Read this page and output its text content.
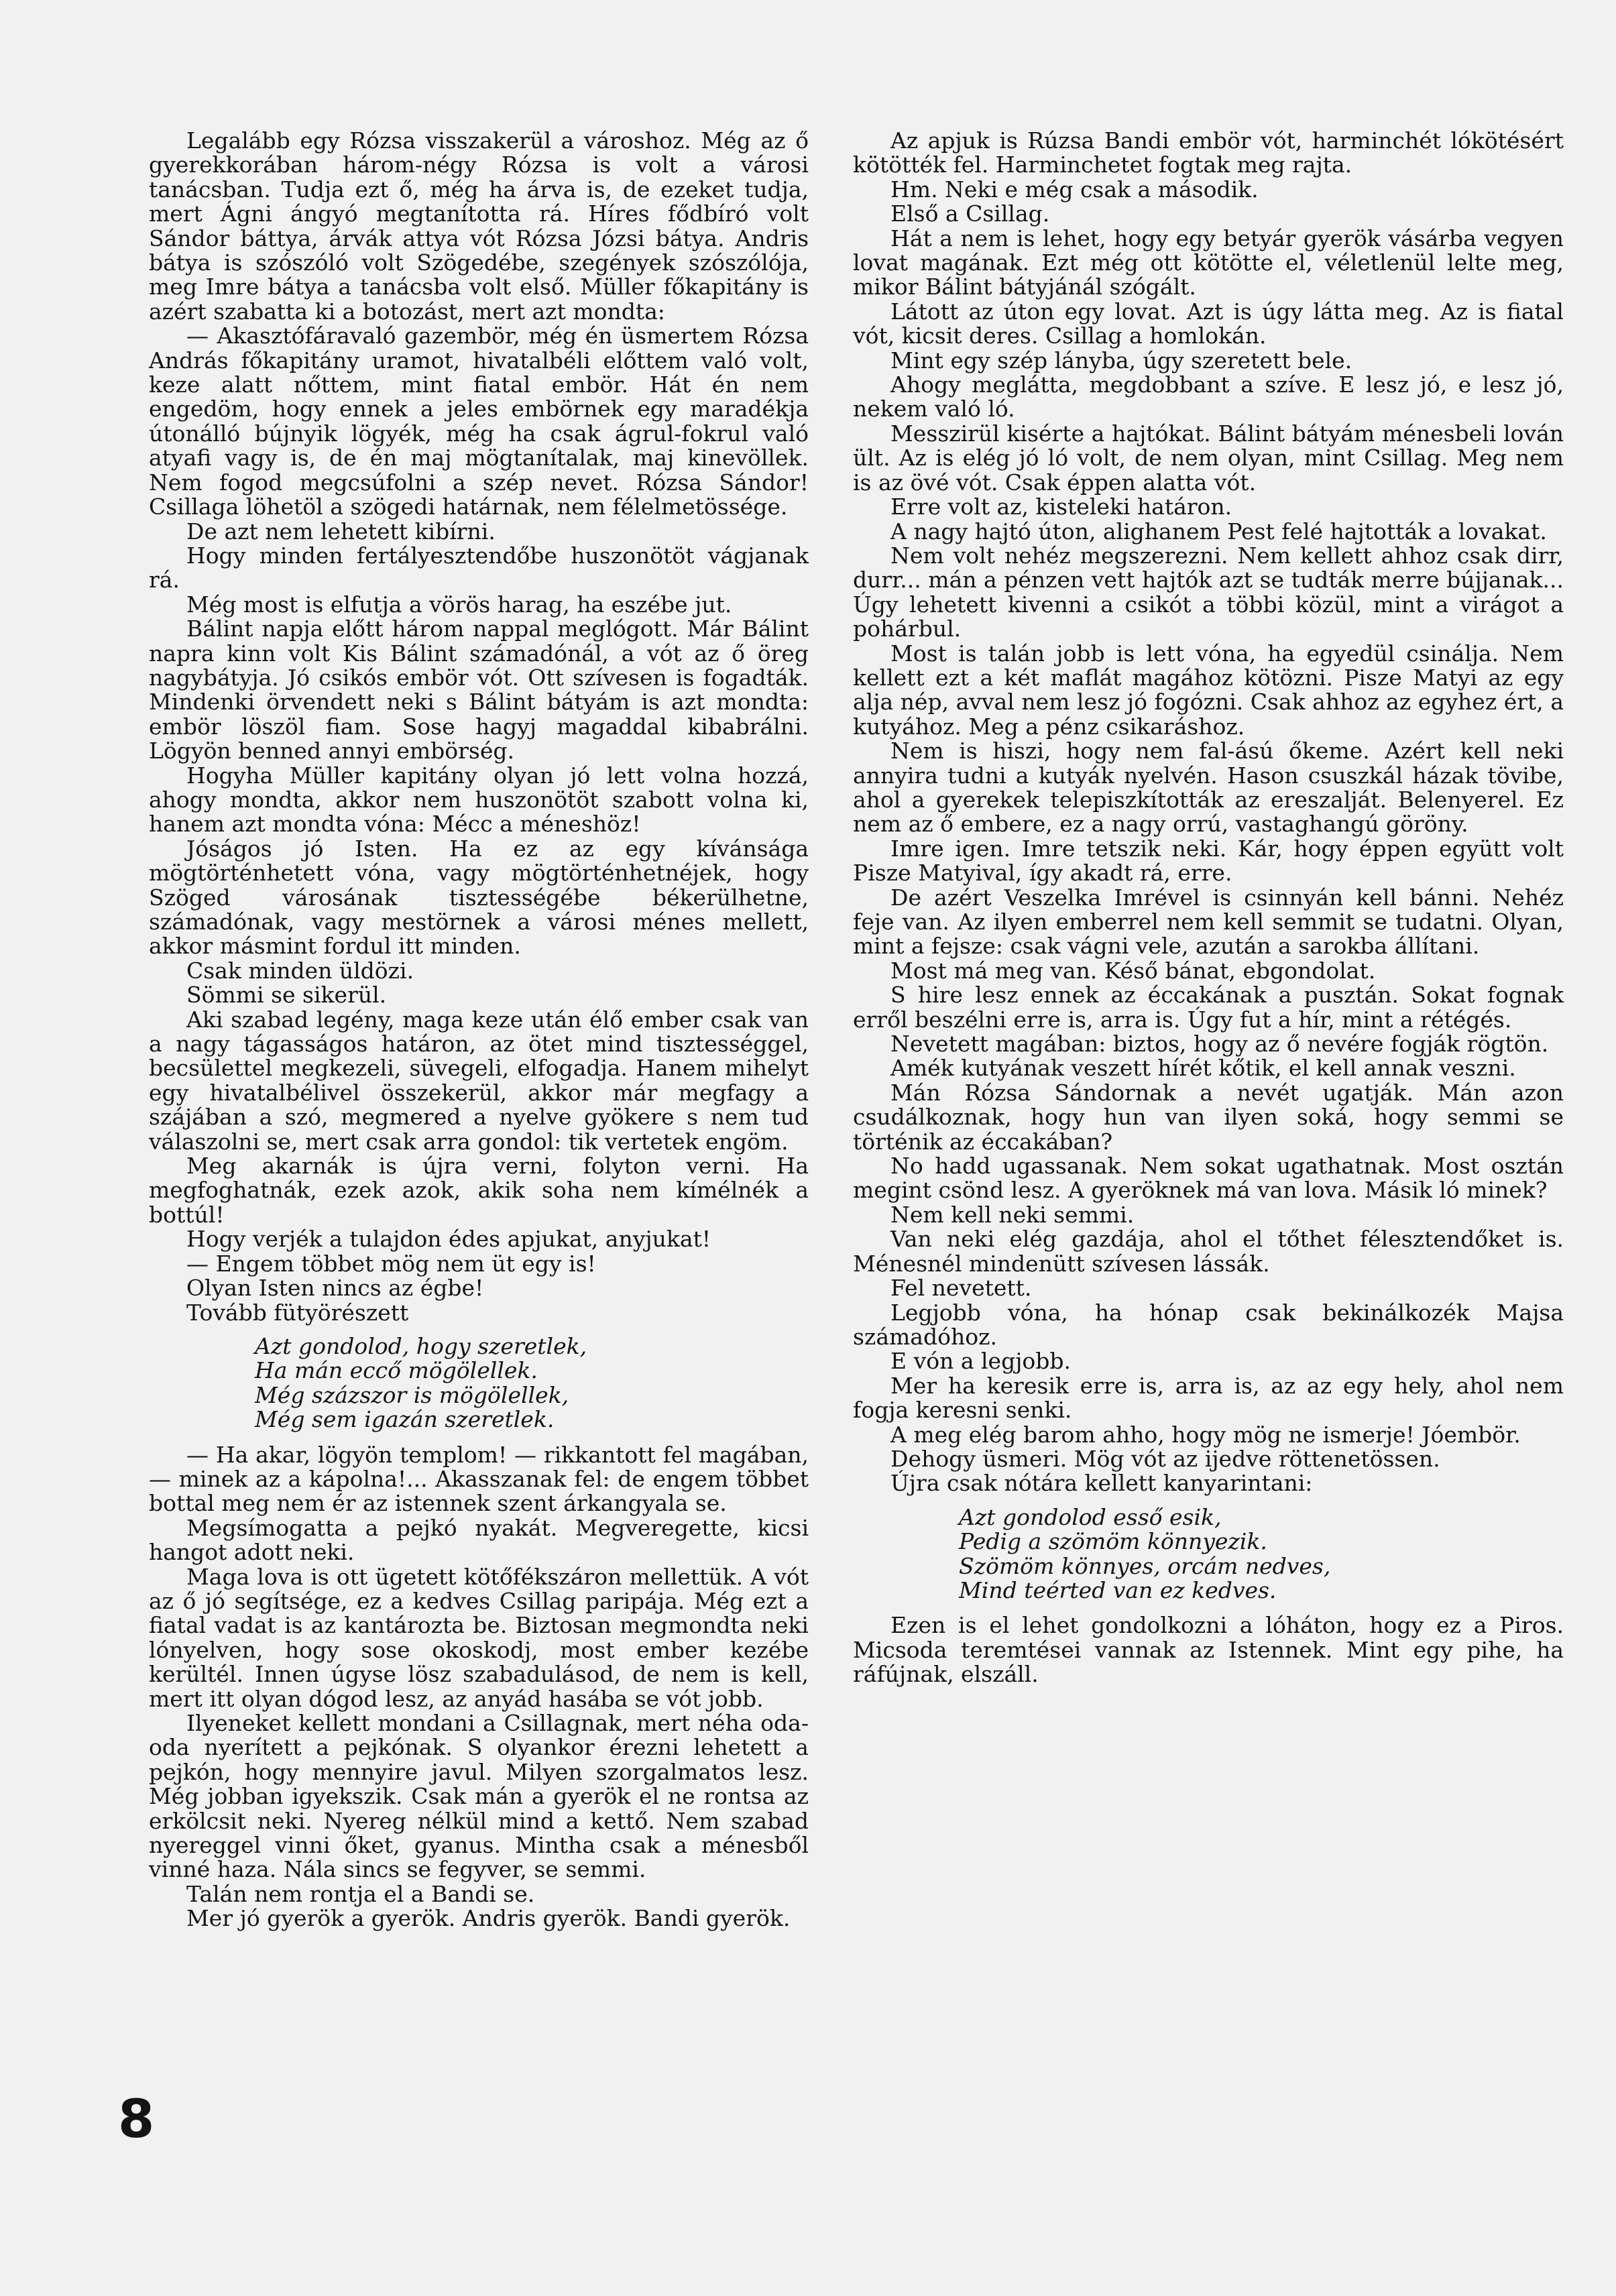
Legalább egy Rózsa visszakerül a városhoz. Még az ő gyerekkorában három-négy Rózsa is volt a városi tanácsban. Tudja ezt ő, még ha árva is, de ezeket tudja, mert Ágni ángyó megtanította rá. Híres fődbíró volt Sándor báttya, árvák attya vót Rózsa Józsi bátya. Andris bátya is szószóló volt Szögedébe, szegények szószólója, meg Imre bátya a tanácsba volt első. Müller főkapitány is azért szabatta ki a botozást, mert azt mondta:

— Akasztófáravaló gazembör, még én üsmertem Rózsa András főkapitány uramot, hivatalbéli előttem való volt, keze alatt nőttem, mint fiatal embör. Hát én nem engedöm, hogy ennek a jeles embörnek egy maradékja útonálló bújnyik lögyék, még ha csak ágrul-fokrul való atyafi vagy is, de én maj mögtanítalak, maj kinevöllek. Nem fogod megcsúfolni a szép nevet. Rózsa Sándor! Csillaga löhetöl a szögedi határnak, nem félelmetössége.

De azt nem lehetett kibírni.

Hogy minden fertályesztendőbe huszonötöt vágjanak rá.

Még most is elfutja a vörös harag, ha eszébe jut.

Bálint napja előtt három nappal meglógott. Már Bálint napra kinn volt Kis Bálint számadónál, a vót az ő öreg nagybátyja. Jó csikós embör vót. Ott szívesen is fogadták. Mindenki örvendett neki s Bálint bátyám is azt mondta: embör löszöl fiam. Sose hagyj magaddal kibabrálni. Lögyön benned annyi embörség.

Hogyha Müller kapitány olyan jó lett volna hozzá, ahogy mondta, akkor nem huszonötöt szabott volna ki, hanem azt mondta vóna: Mécc a méneshöz!

Jóságos jó Isten. Ha ez az egy kívánsága mögtörténhetett vóna, vagy mögtörténhetnéjek, hogy Szöged városának tisztességébe békerülhetne, számadónak, vagy mestörnek a városi ménes mellett, akkor másmint fordul itt minden.

Csak minden üldözi.

Sömmi se sikerül.

Aki szabad legény, maga keze után élő ember csak van a nagy tágasságos határon, az ötet mind tisztességgel, becsülettel megkezeli, süvegeli, elfogadja. Hanem mihelyt egy hivatalbélivel összekerül, akkor már megfagy a szájában a szó, megmered a nyelve gyökere s nem tud válaszolni se, mert csak arra gondol: tik vertetek engöm.

Meg akarnák is újra verni, folyton verni. Ha megfoghatnák, ezek azok, akik soha nem kímélnék a bottúl!

Hogy verjék a tulajdon édes apjukat, anyjukat!

— Engem többet mög nem üt egy is!

Olyan Isten nincs az égbe!

Tovább fütyörészett

Azt gondolod, hogy szeretlek,
Ha mán eccő mögölellek.
Még százszor is mögölellek,
Még sem igazán szeretlek.

— Ha akar, lögyön templom! — rikkantott fel magában, — minek az a kápolna!... Akasszanak fel: de engem többet bottal meg nem ér az istennek szent árkangyala se.

Megsímogatta a pejkó nyakát. Megveregette, kicsi hangot adott neki.

Maga lova is ott ügetett kötőfékszáron mellettük. A vót az ő jó segítsége, ez a kedves Csillag paripája. Még ezt a fiatal vadat is az kantározta be. Biztosan megmondta neki lónyelven, hogy sose okoskodj, most ember kezébe kerültél. Innen úgyse lösz szabadulásod, de nem is kell, mert itt olyan dógod lesz, az anyád hasába se vót jobb.

Ilyeneket kellett mondani a Csillagnak, mert néha oda-oda nyerített a pejkónak. S olyankor érezni lehetett a pejkón, hogy mennyire javul. Milyen szorgalmatos lesz. Még jobban igyekszik. Csak mán a gyerök el ne rontsa az erkölcsit neki. Nyereg nélkül mind a kettő. Nem szabad nyereggel vinni őket, gyanus. Mintha csak a ménesből vinné haza. Nála sincs se fegyver, se semmi.

Talán nem rontja el a Bandi se.

Mer jó gyerök a gyerök. Andris gyerök. Bandi gyerök.

Az apjuk is Rúzsa Bandi embör vót, harminchét lókötésért kötötték fel. Harminchetet fogtak meg rajta.

Hm. Neki e még csak a második.

Első a Csillag.

Hát a nem is lehet, hogy egy betyár gyerök vásárba vegyen lovat magának. Ezt még ott kötötte el, véletlenül lelte meg, mikor Bálint bátyjánál szógált.

Látott az úton egy lovat. Azt is úgy látta meg. Az is fiatal vót, kicsit deres. Csillag a homlokán.

Mint egy szép lányba, úgy szeretett bele.

Ahogy meglátta, megdobbant a szíve. E lesz jó, e lesz jó, nekem való ló.

Messzirül kisérte a hajtókat. Bálint bátyám ménesbeli lován ült. Az is elég jó ló volt, de nem olyan, mint Csillag. Meg nem is az övé vót. Csak éppen alatta vót.

Erre volt az, kisteleki határon.

A nagy hajtó úton, alighanem Pest felé hajtották a lovakat.

Nem volt nehéz megszerezni. Nem kellett ahhoz csak dirr, durr... mán a pénzen vett hajtók azt se tudták merre bújjanak... Úgy lehetett kivenni a csikót a többi közül, mint a virágot a pohárbul.

Most is talán jobb is lett vóna, ha egyedül csinálja. Nem kellett ezt a két maflát magához kötözni. Pisze Matyi az egy alja nép, avval nem lesz jó fogózni. Csak ahhoz az egyhez ért, a kutyához. Meg a pénz csikaráshoz.

Nem is hiszi, hogy nem fal-ású őkeme. Azért kell neki annyira tudni a kutyák nyelvén. Hason csuszkál házak tövibe, ahol a gyerekek telepiszkították az ereszalját. Belenyerel. Ez nem az ő embere, ez a nagy orrú, vastaghangú göröny.

Imre igen. Imre tetszik neki. Kár, hogy éppen együtt volt Pisze Matyival, így akadt rá, erre.

De azért Veszelka Imrével is csinnyán kell bánni. Nehéz feje van. Az ilyen emberrel nem kell semmit se tudatni. Olyan, mint a fejsze: csak vágni vele, azután a sarokba állítani.

Most má meg van. Késő bánat, ebgondolat.

S hire lesz ennek az éccakának a pusztán. Sokat fognak erről beszélni erre is, arra is. Úgy fut a hír, mint a rétégés.

Nevetett magában: biztos, hogy az ő nevére fogják rögtön.

Amék kutyának veszett hírét kőtik, el kell annak veszni.

Mán Rózsa Sándornak a nevét ugatják. Mán azon csudálkoznak, hogy hun van ilyen soká, hogy semmi se történik az éccakában?

No hadd ugassanak. Nem sokat ugathatnak. Most osztán megint csönd lesz. A gyeröknek má van lova. Másik ló minek?

Nem kell neki semmi.

Van neki elég gazdája, ahol el tőthet félesztendőket is. Ménesnél mindenütt szívesen lássák.

Fel nevetett.

Legjobb vóna, ha hónap csak bekinálkozék Majsa számadóhoz.

E vón a legjobb.

Mer ha keresik erre is, arra is, az az egy hely, ahol nem fogja keresni senki.

A meg elég barom ahho, hogy mög ne ismerje! Jóembör.

Dehogy üsmeri. Mög vót az ijedve röttenetössen.

Újra csak nótára kellett kanyarintani:

Azt gondolod esső esik,
Pedig a szömöm könnyezik.
Szömöm könnyes, orcám nedves,
Mind teérted van ez kedves.

Ezen is el lehet gondolkozni a lóháton, hogy ez a Piros. Micsoda teremtései vannak az Istennek. Mint egy pihe, ha ráfújnak, elszáll.

8
